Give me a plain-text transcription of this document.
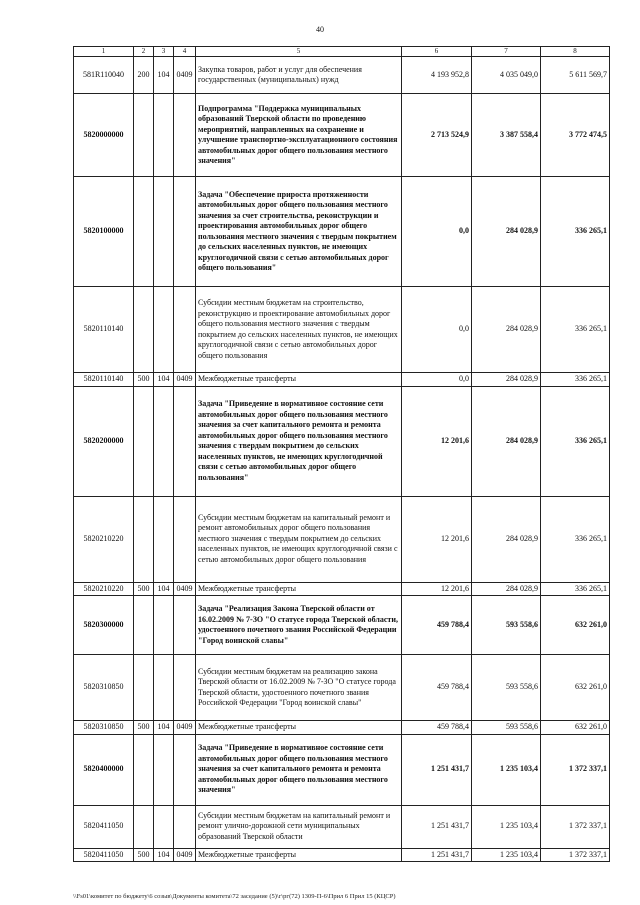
40
1	2	3	4	5	6	7	8
581R110040	200	104	0409	Закупка товаров, работ и услуг для обеспечения государственных (муниципальных) нужд	4 193 952,8	4 035 049,0	5 611 569,7
5820000000				Подпрограмма "Поддержка муниципальных образований Тверской области по проведению мероприятий, направленных на сохранение и улучшение транспортно-эксплуатационного состояния автомобильных дорог общего пользования местного значения"	2 713 524,9	3 387 558,4	3 772 474,5
5820100000				Задача "Обеспечение прироста протяженности автомобильных дорог общего пользования местного значения за счет строительства, реконструкции и проектирования автомобильных дорог общего пользования местного значения с твердым покрытием до сельских населенных пунктов, не имеющих круглогодичной связи с сетью автомобильных дорог общего пользования"	0,0	284 028,9	336 265,1
5820110140				Субсидии местным бюджетам на строительство, реконструкцию и проектирование автомобильных дорог общего пользования местного значения с твердым покрытием до сельских населенных пунктов, не имеющих круглогодичной связи с сетью автомобильных дорог общего пользования	0,0	284 028,9	336 265,1
5820110140	500	104	0409	Межбюджетные трансферты	0,0	284 028,9	336 265,1
5820200000				Задача "Приведение в нормативное состояние сети автомобильных дорог общего пользования местного значения за счет капитального ремонта и ремонта автомобильных дорог общего пользования местного значения с твердым покрытием до сельских населенных пунктов, не имеющих круглогодичной связи с сетью автомобильных дорог общего пользования"	12 201,6	284 028,9	336 265,1
5820210220				Субсидии местным бюджетам на капитальный ремонт и ремонт автомобильных дорог общего пользования местного значения с твердым покрытием до сельских населенных пунктов, не имеющих круглогодичной связи с сетью автомобильных дорог общего пользования	12 201,6	284 028,9	336 265,1
5820210220	500	104	0409	Межбюджетные трансферты	12 201,6	284 028,9	336 265,1
5820300000				Задача "Реализация Закона Тверской области от 16.02.2009 № 7-ЗО "О статусе города Тверской области, удостоенного почетного звания Российской Федерации "Город воинской славы"	459 788,4	593 558,6	632 261,0
5820310850				Субсидии местным бюджетам на реализацию закона Тверской области от 16.02.2009 № 7-ЗО "О статусе города Тверской области, удостоенного почетного звания Российской Федерации "Город воинской славы"	459 788,4	593 558,6	632 261,0
5820310850	500	104	0409	Межбюджетные трансферты	459 788,4	593 558,6	632 261,0
5820400000				Задача "Приведение в нормативное состояние сети автомобильных дорог общего пользования местного значения за счет капитального ремонта и ремонта автомобильных дорог общего пользования местного значения"	1 251 431,7	1 235 103,4	1 372 337,1
5820411050				Субсидии местным бюджетам на капитальный ремонт и ремонт улично-дорожной сети муниципальных образований Тверской области	1 251 431,7	1 235 103,4	1 372 337,1
5820411050	500	104	0409	Межбюджетные трансферты	1 251 431,7	1 235 103,4	1 372 337,1
\\Fs01\комитет по бюджету\6 созыв\Документы комитета\72 заседание (5)\г\рг(72) 1309-П-6\Прил 6 Прил 15 (КЦСР)
